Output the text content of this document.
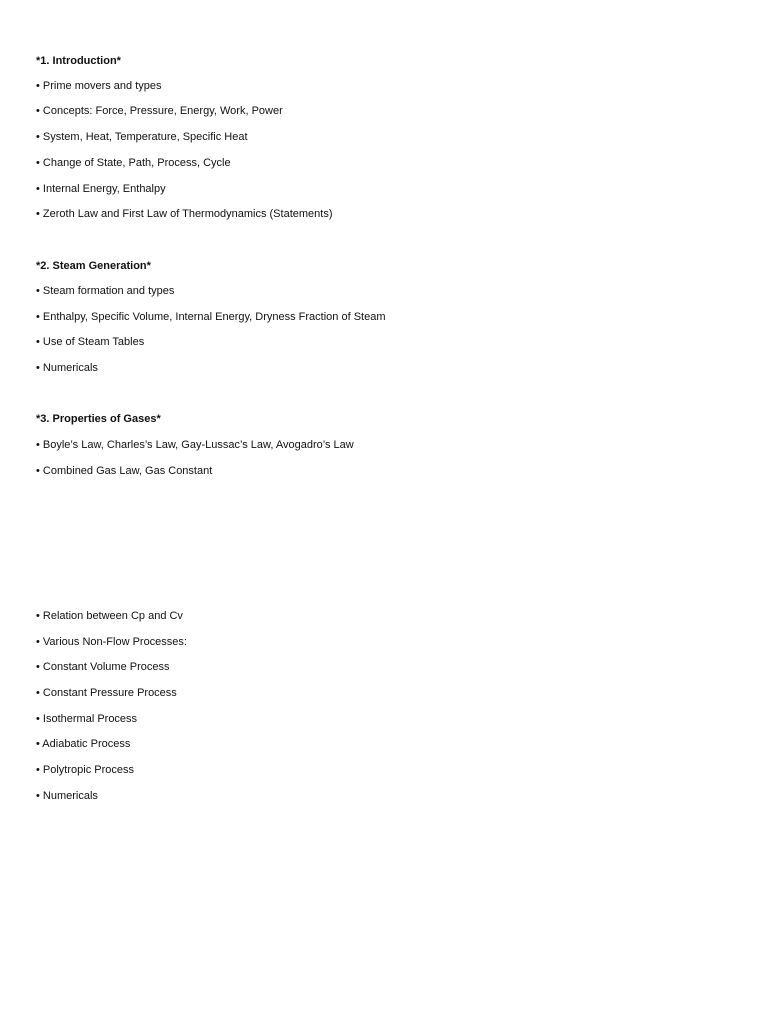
*1. Introduction*
• Prime movers and types
• Concepts: Force, Pressure, Energy, Work, Power
• System, Heat, Temperature, Specific Heat
• Change of State, Path, Process, Cycle
• Internal Energy, Enthalpy
• Zeroth Law and First Law of Thermodynamics (Statements)
*2. Steam Generation*
• Steam formation and types
• Enthalpy, Specific Volume, Internal Energy, Dryness Fraction of Steam
• Use of Steam Tables
• Numericals
*3. Properties of Gases*
• Boyle’s Law, Charles’s Law, Gay-Lussac’s Law, Avogadro’s Law
• Combined Gas Law, Gas Constant
• Relation between Cp and Cv
• Various Non-Flow Processes:
• Constant Volume Process
• Constant Pressure Process
• Isothermal Process
• Adiabatic Process
• Polytropic Process
• Numericals
